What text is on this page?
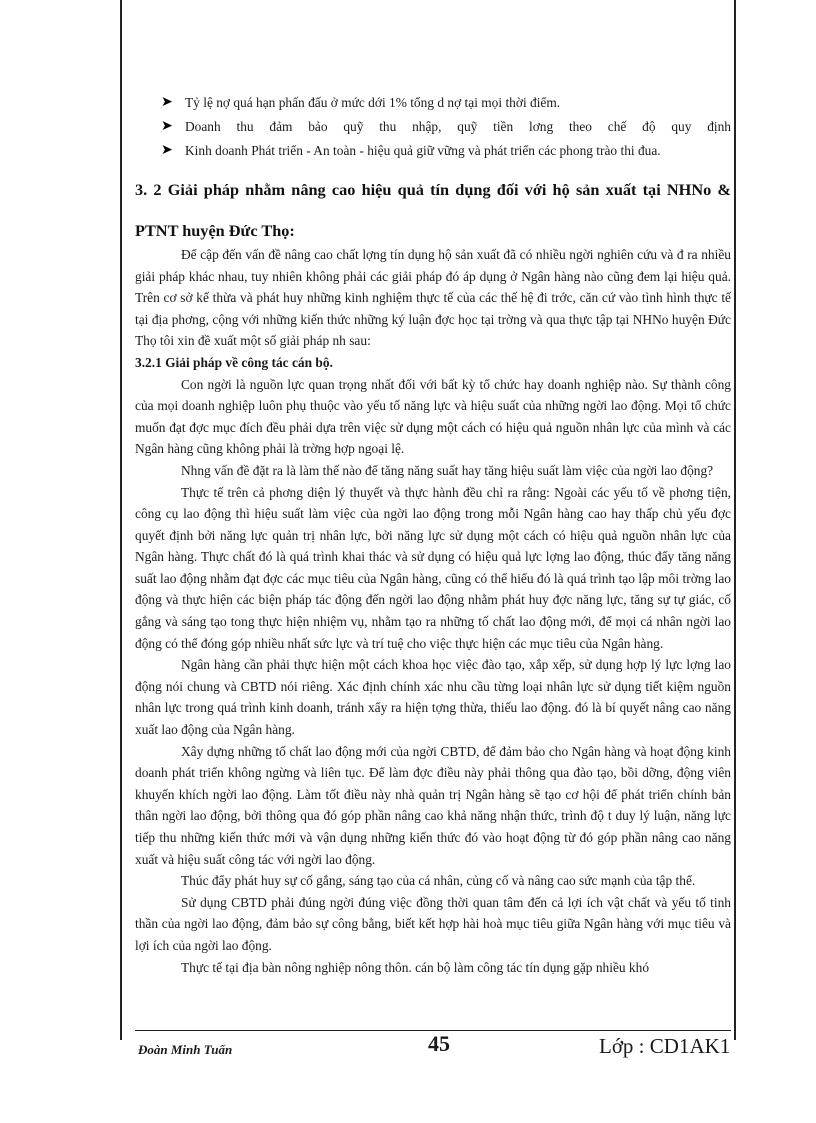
➤ Tỷ lệ nợ quá hạn phấn đấu ở mức dới 1% tổng d nợ tại mọi thời điểm.
➤ Doanh thu đảm bảo quỹ thu nhập, quỹ tiền lơng theo chế độ quy định
➤ Kinh doanh Phát triển - An toàn - hiệu quả giữ vững và phát triển các phong trào thi đua.
3. 2 Giải pháp nhằm nâng cao hiệu quả tín dụng đối với hộ sản xuất tại NHNo &
PTNT huyện Đức Thọ:

Để cập đến vấn đề nâng cao chất lợng tín dụng hộ sản xuất đã có nhiều ngời nghiên cứu và đ ra nhiều giải pháp khác nhau, tuy nhiên không phải các giải pháp đó áp dụng ở Ngân hàng nào cũng đem lại hiệu quả. Trên cơ sở kế thừa và phát huy những kinh nghiệm thực tế của các thế hệ đi trớc, căn cứ vào tình hình thực tế tại địa phơng, cộng với những kiến thức những ký luận đợc học tại trờng và qua thực tập tại NHNo huyện Đức Thọ tôi xin đề xuất một số giải pháp nh sau:

3.2.1 Giải pháp về công tác cán bộ.

Con ngời là nguồn lực quan trọng nhất đối với bất kỳ tổ chức hay doanh nghiệp nào. Sự thành công của mọi doanh nghiệp luôn phụ thuộc vào yếu tố năng lực và hiệu suất của những ngời lao động. Mọi tổ chức muốn đạt đợc mục đích đều phải dựa trên việc sử dụng một cách có hiệu quả nguồn nhân lực của mình và các Ngân hàng cũng không phải là trờng hợp ngoại lệ.

Nhng vấn đề đặt ra là làm thế nào để tăng năng suất hay tăng hiệu suất làm việc của ngời lao động?

Thực tế trên cả phơng diện lý thuyết và thực hành đều chỉ ra rằng: Ngoài các yếu tố về phơng tiện, công cụ lao động thì hiệu suất làm việc của ngời lao động trong mỗi Ngân hàng cao hay thấp chủ yếu đợc quyết định bởi năng lực quản trị nhân lực, bởi năng lực sử dụng một cách có hiệu quả nguồn nhân lực của Ngân hàng. Thực chất đó là quá trình khai thác và sử dụng có hiệu quả lực lợng lao động, thúc đẩy tăng năng suất lao động nhằm đạt đợc các mục tiêu của Ngân hàng, cũng có thể hiểu đó là quá trình tạo lập môi trờng lao động và thực hiện các biện pháp tác động đến ngời lao động nhằm phát huy đợc năng lực, tăng sự tự giác, cố gắng và sáng tạo tong thực hiện nhiệm vụ, nhằm tạo ra những tố chất lao động mới, để mọi cá nhân ngời lao động có thể đóng góp nhiều nhất sức lực và trí tuệ cho việc thực hiện các mục tiêu của Ngân hàng.

Ngân hàng cần phải thực hiện một cách khoa học việc đào tạo, xắp xếp, sử dụng hợp lý lực lợng lao động nói chung và CBTD nói riêng. Xác định chính xác nhu cầu từng loại nhân lực sử dụng tiết kiệm nguồn nhân lực trong quá trình kinh doanh, tránh xẩy ra hiện tợng thừa, thiếu lao động. đó là bí quyết nâng cao năng xuất lao động của Ngân hàng.

Xây dựng những tố chất lao động mới của ngời CBTD, để đảm bảo cho Ngân hàng và hoạt động kinh doanh phát triển không ngừng và liên tục. Để làm đợc điều này phải thông qua đào tạo, bồi dỡng, động viên khuyến khích ngời lao động. Làm tốt điều này nhà quản trị Ngân hàng sẽ tạo cơ hội để phát triển chính bản thân ngời lao động, bởi thông qua đó góp phần nâng cao khả năng nhận thức, trình độ t duy lý luận, năng lực tiếp thu những kiến thức mới và vận dụng những kiến thức đó vào hoạt động từ đó góp phần nâng cao năng xuất và hiệu suất công tác với ngời lao động.

Thúc đẩy phát huy sự cố gắng, sáng tạo của cá nhân, củng cố và nâng cao sức mạnh của tập thể.

Sử dụng CBTD phải đúng ngời đúng việc đồng thời quan tâm đến cả lợi ích vật chất và yếu tố tinh thần của ngời lao động, đảm bảo sự công bằng, biết kết hợp hài hoà mục tiêu giữa Ngân hàng với mục tiêu và lợi ích của ngời lao động.

Thực tế tại địa bàn nông nghiệp nông thôn. cán bộ làm công tác tín dụng gặp nhiều khó

Đoàn Minh Tuấn	45	Lớp : CD1AK1
